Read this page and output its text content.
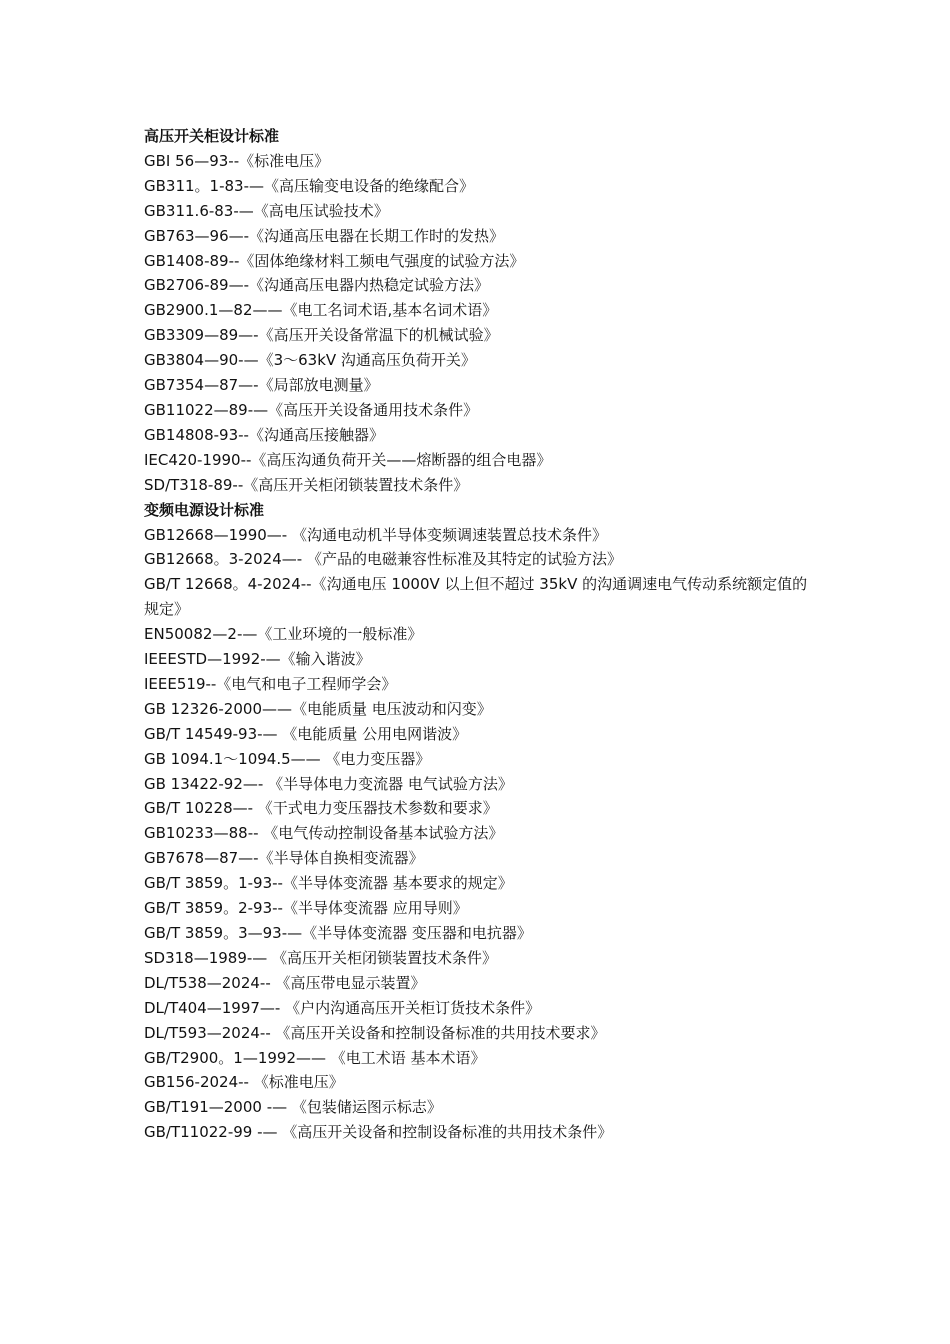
高压开关柜设计标准
GBI 56—93--《标准电压》
GB311。1-83-—《高压输变电设备的绝缘配合》
GB311.6-83-—《高电压试验技术》
GB763—96—-《沟通高压电器在长期工作时的发热》
GB1408-89--《固体绝缘材料工频电气强度的试验方法》
GB2706-89—-《沟通高压电器内热稳定试验方法》
GB2900.1—82——《电工名词术语,基本名词术语》
GB3309—89—-《高压开关设备常温下的机械试验》
GB3804—90-—《3～63kV 沟通高压负荷开关》
GB7354—87—-《局部放电测量》
GB11022—89-—《高压开关设备通用技术条件》
GB14808-93--《沟通高压接触器》
IEC420-1990--《高压沟通负荷开关——熔断器的组合电器》
SD/T318-89--《高压开关柜闭锁装置技术条件》
变频电源设计标准
GB12668—1990—- 《沟通电动机半导体变频调速装置总技术条件》
GB12668。3-2024—- 《产品的电磁兼容性标准及其特定的试验方法》
GB/T 12668。4-2024--《沟通电压 1000V 以上但不超过 35kV 的沟通调速电气传动系统额定值的规定》
EN50082—2-—《工业环境的一般标准》
IEEESTD—1992-—《输入谐波》
IEEE519--《电气和电子工程师学会》
GB 12326-2000——《电能质量 电压波动和闪变》
GB/T 14549-93-— 《电能质量 公用电网谐波》
GB 1094.1～1094.5—— 《电力变压器》
GB 13422-92—- 《半导体电力变流器 电气试验方法》
GB/T 10228—- 《干式电力变压器技术参数和要求》
GB10233—88-- 《电气传动控制设备基本试验方法》
GB7678—87—-《半导体自换相变流器》
GB/T 3859。1-93--《半导体变流器 基本要求的规定》
GB/T 3859。2-93--《半导体变流器 应用导则》
GB/T 3859。3—93-—《半导体变流器 变压器和电抗器》
SD318—1989-— 《高压开关柜闭锁装置技术条件》
DL/T538—2024-- 《高压带电显示装置》
DL/T404—1997—- 《户内沟通高压开关柜订货技术条件》
DL/T593—2024-- 《高压开关设备和控制设备标准的共用技术要求》
GB/T2900。1—1992—— 《电工术语 基本术语》
GB156-2024-- 《标准电压》
GB/T191—2000 -— 《包装储运图示标志》
GB/T11022-99 -— 《高压开关设备和控制设备标准的共用技术条件》
